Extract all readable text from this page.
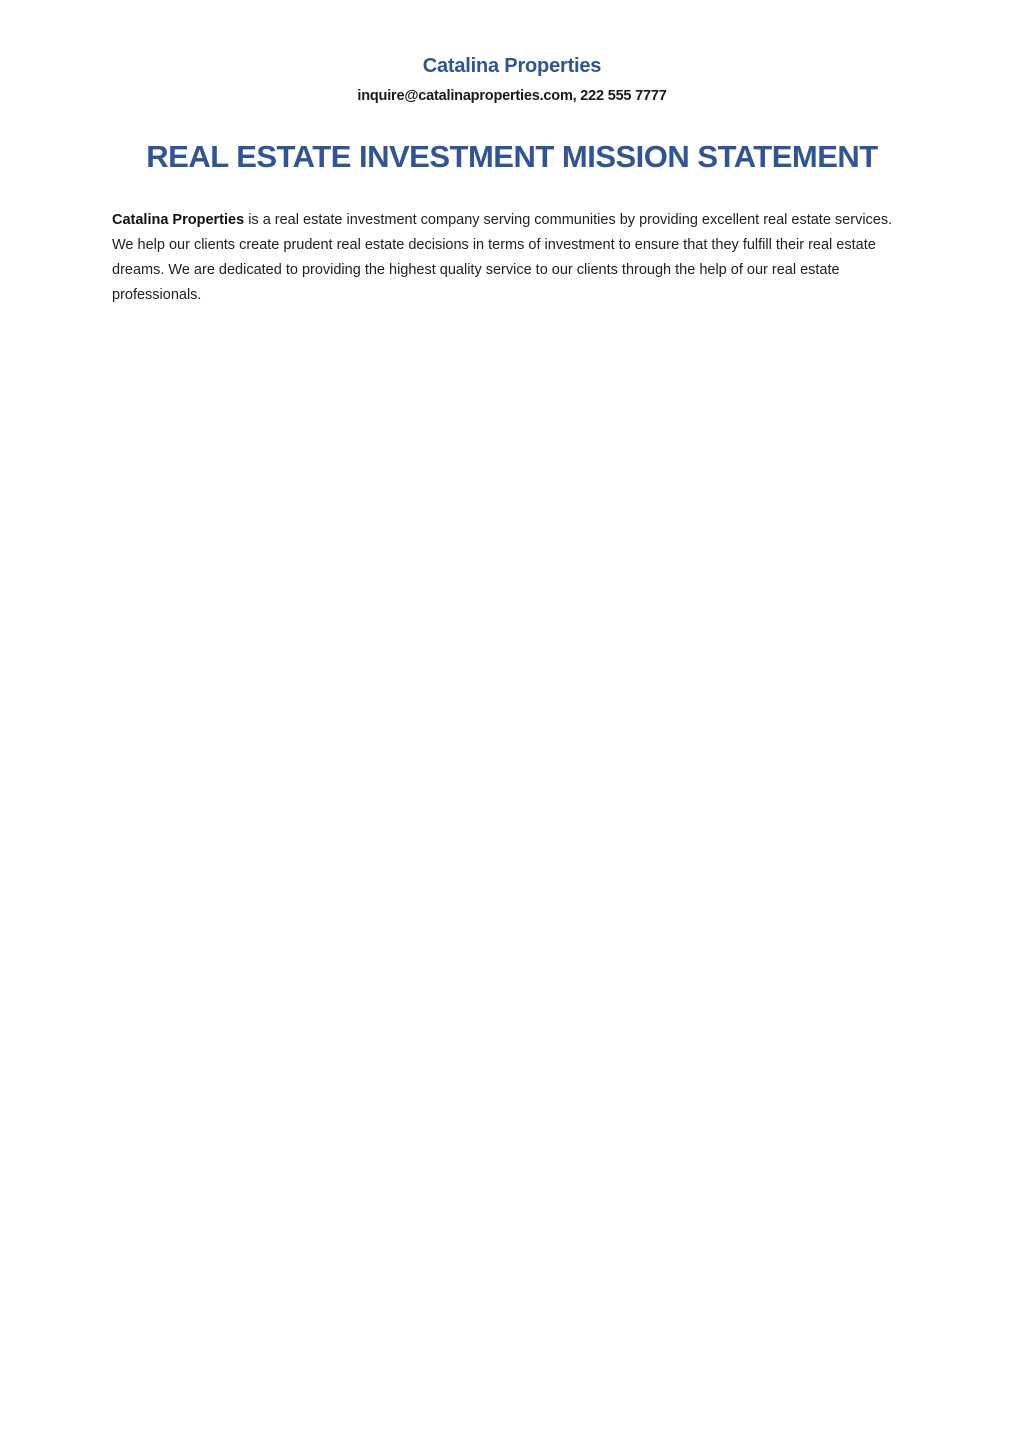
Catalina Properties
inquire@catalinaproperties.com, 222 555 7777
REAL ESTATE INVESTMENT MISSION STATEMENT

Catalina Properties is a real estate investment company serving communities by providing excellent real estate services. We help our clients create prudent real estate decisions in terms of investment to ensure that they fulfill their real estate dreams. We are dedicated to providing the highest quality service to our clients through the help of our real estate professionals.
